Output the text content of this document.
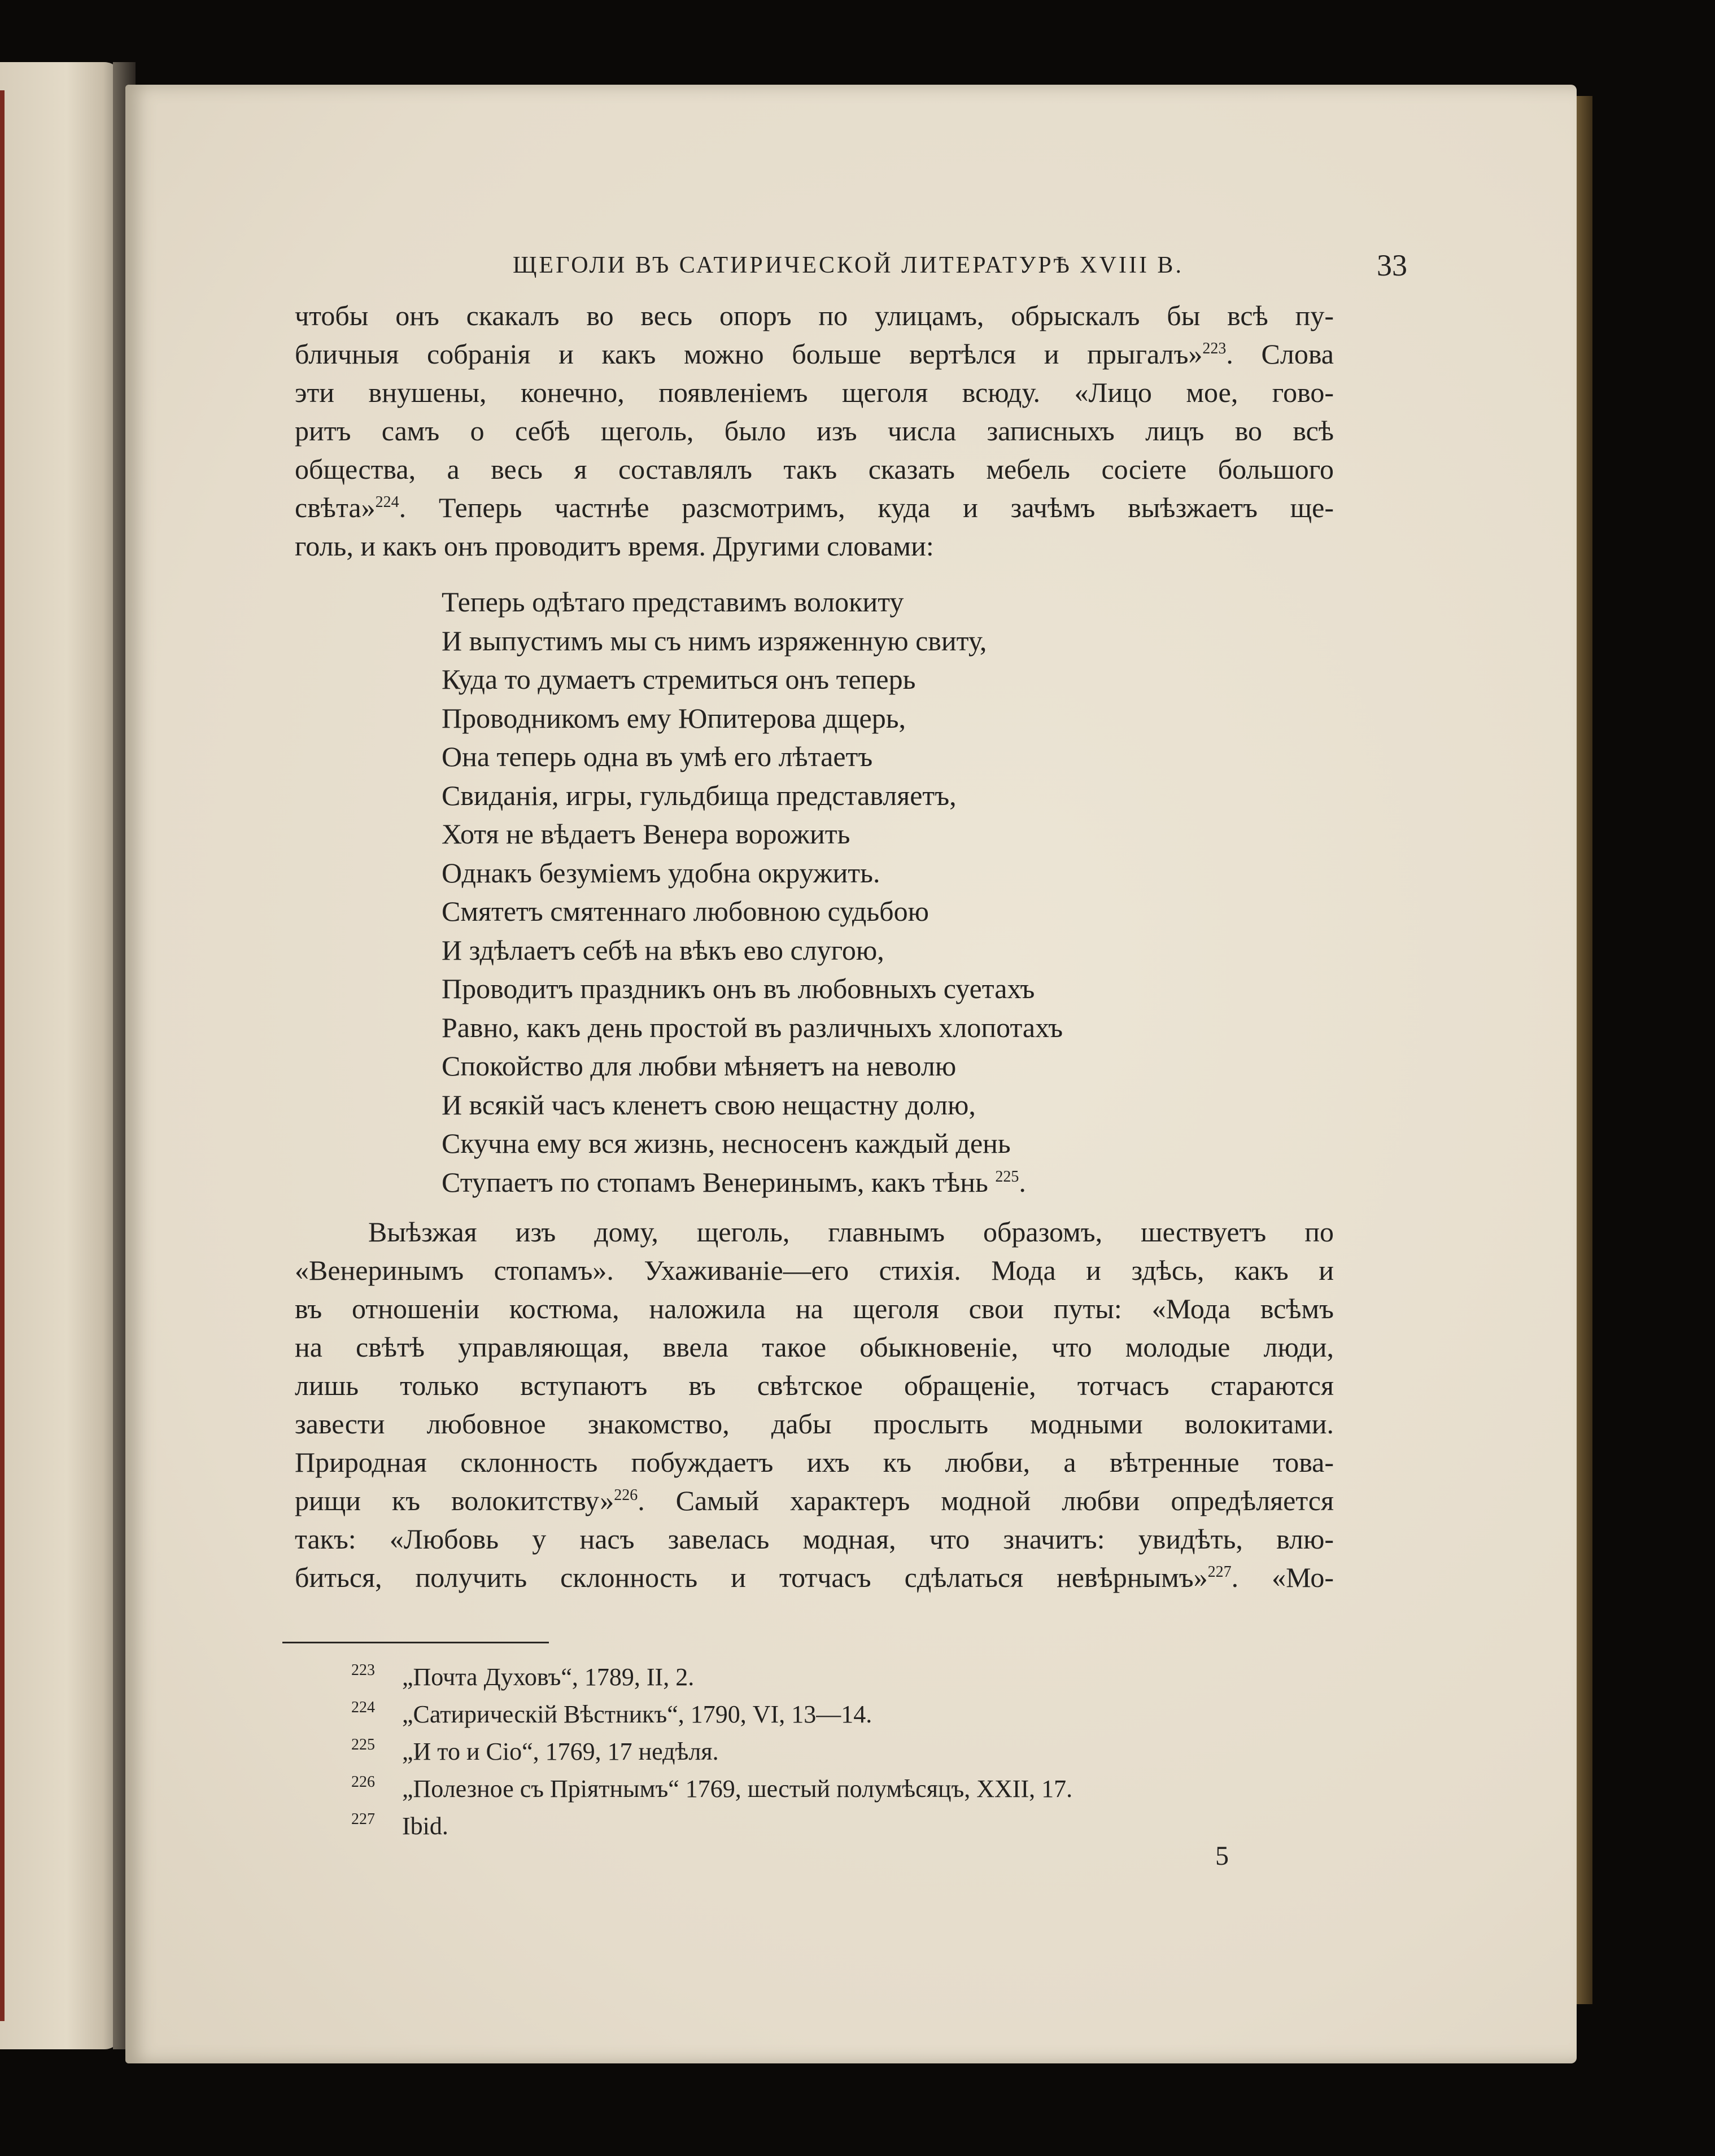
ЩЕГОЛИ ВЪ САТИРИЧЕСКОЙ ЛИТЕРАТУРѢ XVIII В.	33
чтобы онъ скакалъ во весь опоръ по улицамъ, обрыскалъ бы всѣ пу-
бличныя собранія и какъ можно больше вертѣлся и прыгалъ»$^{223}$. Слова
эти внушены, конечно, появленіемъ щеголя всюду. «Лицо мое, гово-
ритъ самъ о себѣ щеголь, было изъ числа записныхъ лицъ во всѣ
общества, а весь я составлялъ такъ сказать мебель сосіете большого
свѣта»$^{224}$. Теперь частнѣе разсмотримъ, куда и зачѣмъ выѣзжаетъ ще-
голь, и какъ онъ проводитъ время. Другими словами:
Теперь одѣтаго представимъ волокиту
И выпустимъ мы съ нимъ изряженную свиту,
Куда то думаетъ стремиться онъ теперь
Проводникомъ ему Юпитерова дщерь,
Она теперь одна въ умѣ его лѣтаетъ
Свиданія, игры, гульдбища представляетъ,
Хотя не вѣдаетъ Венера ворожить
Однакъ безуміемъ удобна окружить.
Смятетъ смятеннаго любовною судьбою
И здѣлаетъ себѣ на вѣкъ ево слугою,
Проводитъ праздникъ онъ въ любовныхъ суетахъ
Равно, какъ день простой въ различныхъ хлопотахъ
Спокойство для любви мѣняетъ на неволю
И всякій часъ кленетъ свою нещастну долю,
Скучна ему вся жизнь, несносенъ каждый день
Ступаетъ по стопамъ Венеринымъ, какъ тѣнь $^{225}$.
Выѣзжая изъ дому, щеголь, главнымъ образомъ, шествуетъ по
«Венеринымъ стопамъ». Ухаживаніе—его стихія. Мода и здѣсь, какъ и
въ отношеніи костюма, наложила на щеголя свои путы: «Мода всѣмъ
на свѣтѣ управляющая, ввела такое обыкновеніе, что молодые люди,
лишь только вступаютъ въ свѣтское обращеніе, тотчасъ стараются
завести любовное знакомство, дабы прослыть модными волокитами.
Природная склонность побуждаетъ ихъ къ любви, а вѣтренные това-
рищи къ волокитству»$^{226}$. Самый характеръ модной любви опредѣляется
такъ: «Любовь у насъ завелась модная, что значитъ: увидѣть, влю-
биться, получить склонность и тотчасъ сдѣлаться невѣрнымъ»$^{227}$. «Мо-
223 „Почта Духовъ“, 1789, II, 2.
224 „Сатирическій Вѣстникъ“, 1790, VI, 13—14.
225 „И то и Сіо“, 1769, 17 недѣля.
226 „Полезное съ Пріятнымъ“ 1769, шестый полумѣсяцъ, XXII, 17.
227 Ibid.
5
